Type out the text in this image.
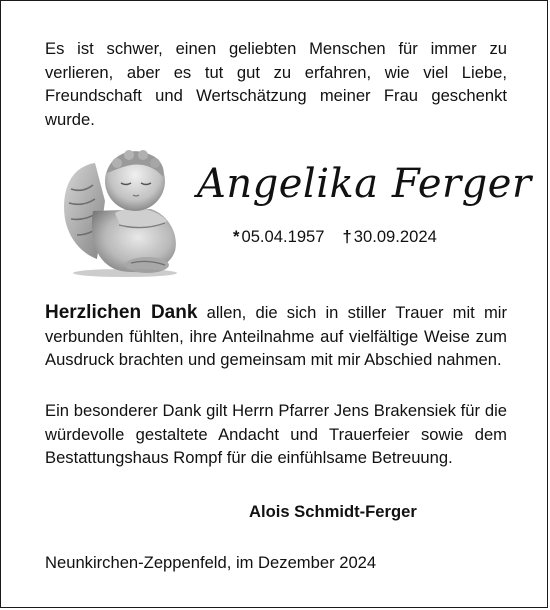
Es ist schwer, einen geliebten Menschen für immer zu verlieren, aber es tut gut zu erfahren, wie viel Liebe, Freundschaft und Wertschätzung meiner Frau geschenkt wurde.

Angelika Ferger
* 05.04.1957 † 30.09.2024

Herzlichen Dank allen, die sich in stiller Trauer mit mir verbunden fühlten, ihre Anteilnahme auf vielfältige Weise zum Ausdruck brachten und gemeinsam mit mir Abschied nahmen.

Ein besonderer Dank gilt Herrn Pfarrer Jens Brakensiek für die würdevolle gestaltete Andacht und Trauerfeier sowie dem Bestattungshaus Rompf für die einfühlsame Betreuung.

Alois Schmidt-Ferger
Neunkirchen-Zeppenfeld, im Dezember 2024
